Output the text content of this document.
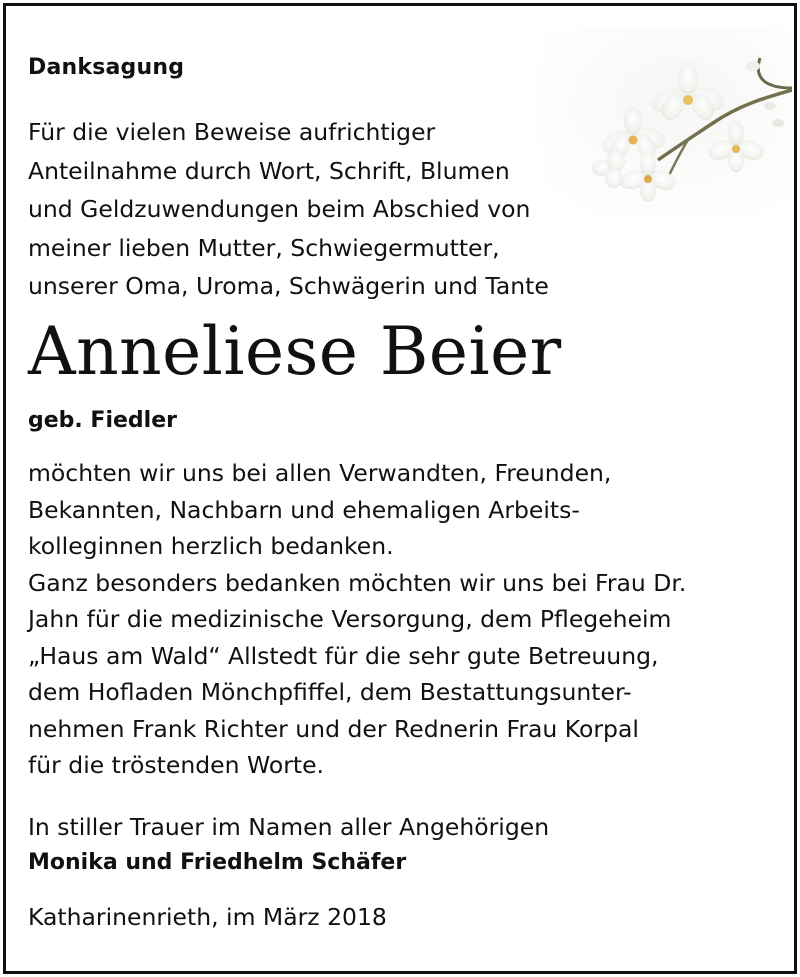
Danksagung
Für die vielen Beweise aufrichtiger
Anteilnahme durch Wort, Schrift, Blumen
und Geldzuwendungen beim Abschied von
meiner lieben Mutter, Schwiegermutter,
unserer Oma, Uroma, Schwägerin und Tante
Anneliese Beier
geb. Fiedler
möchten wir uns bei allen Verwandten, Freunden,
Bekannten, Nachbarn und ehemaligen Arbeits-
kolleginnen herzlich bedanken.
Ganz besonders bedanken möchten wir uns bei Frau Dr.
Jahn für die medizinische Versorgung, dem Pflegeheim
„Haus am Wald“ Allstedt für die sehr gute Betreuung,
dem Hofladen Mönchpfiffel, dem Bestattungsunter-
nehmen Frank Richter und der Rednerin Frau Korpal
für die tröstenden Worte.
In stiller Trauer im Namen aller Angehörigen
Monika und Friedhelm Schäfer
Katharinenrieth, im März 2018
